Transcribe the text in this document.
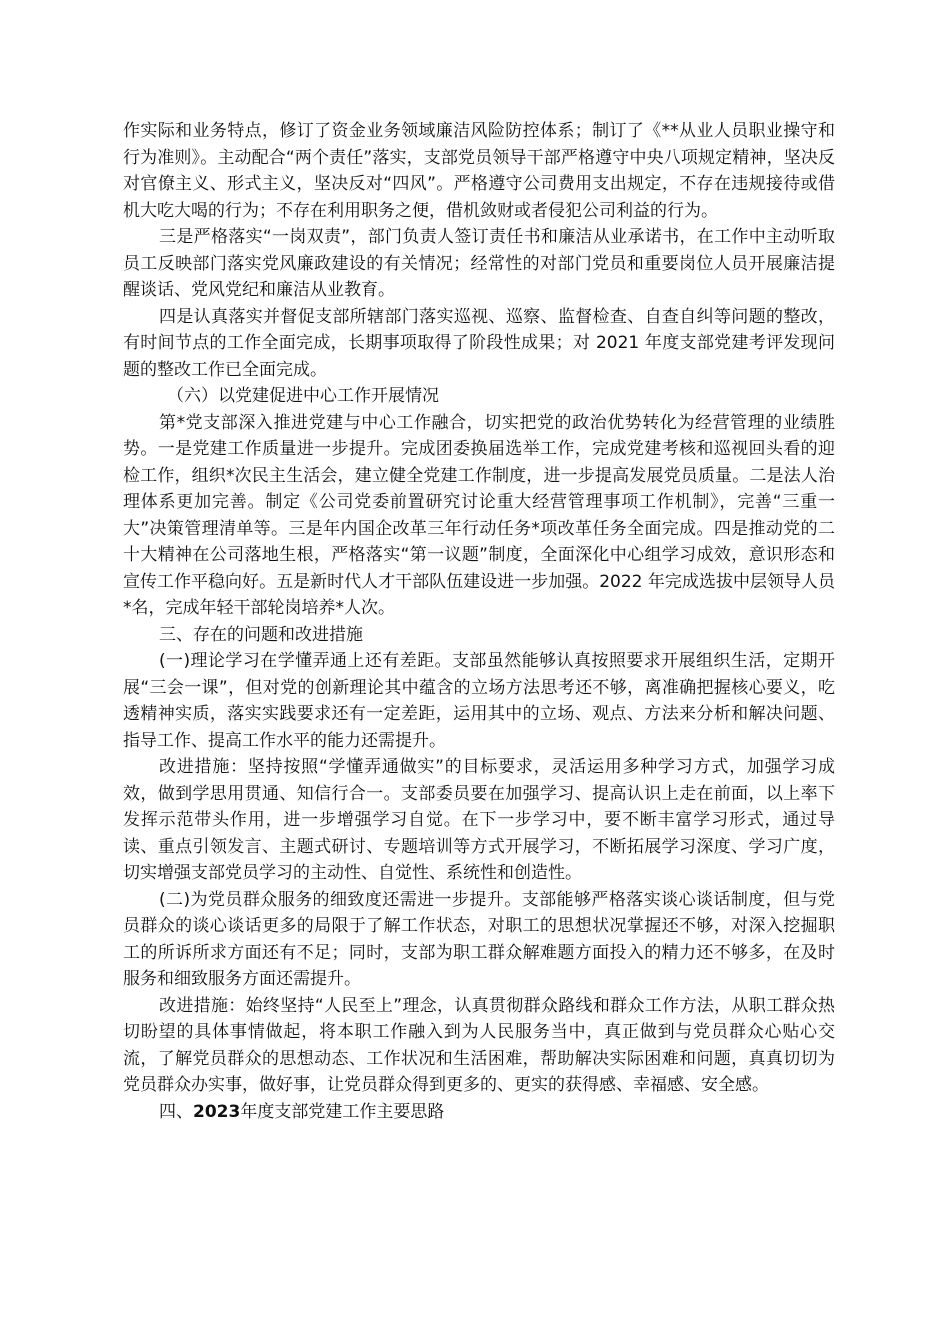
作实际和业务特点，修订了资金业务领域廉洁风险防控体系；制订了《**从业人员职业操守和行为准则》。主动配合“两个责任”落实，支部党员领导干部严格遵守中央八项规定精神，坚决反对官僚主义、形式主义，坚决反对“四风”。严格遵守公司费用支出规定，不存在违规接待或借机大吃大喝的行为；不存在利用职务之便，借机敛财或者侵犯公司利益的行为。

三是严格落实“一岗双责”，部门负责人签订责任书和廉洁从业承诺书，在工作中主动听取员工反映部门落实党风廉政建设的有关情况；经常性的对部门党员和重要岗位人员开展廉洁提醒谈话、党风党纪和廉洁从业教育。

四是认真落实并督促支部所辖部门落实巡视、巡察、监督检查、自查自纠等问题的整改，有时间节点的工作全面完成，长期事项取得了阶段性成果；对 2021 年度支部党建考评发现问题的整改工作已全面完成。

（六）以党建促进中心工作开展情况

第*党支部深入推进党建与中心工作融合，切实把党的政治优势转化为经营管理的业绩胜势。一是党建工作质量进一步提升。完成团委换届选举工作，完成党建考核和巡视回头看的迎检工作，组织*次民主生活会，建立健全党建工作制度，进一步提高发展党员质量。二是法人治理体系更加完善。制定《公司党委前置研究讨论重大经营管理事项工作机制》，完善“三重一大”决策管理清单等。三是年内国企改革三年行动任务*项改革任务全面完成。四是推动党的二十大精神在公司落地生根，严格落实“第一议题”制度，全面深化中心组学习成效，意识形态和宣传工作平稳向好。五是新时代人才干部队伍建设进一步加强。2022 年完成选拔中层领导人员*名，完成年轻干部轮岗培养*人次。

三、存在的问题和改进措施

(一)理论学习在学懂弄通上还有差距。支部虽然能够认真按照要求开展组织生活，定期开展“三会一课”，但对党的创新理论其中蕴含的立场方法思考还不够，离准确把握核心要义，吃透精神实质，落实实践要求还有一定差距，运用其中的立场、观点、方法来分析和解决问题、指导工作、提高工作水平的能力还需提升。

改进措施：坚持按照“学懂弄通做实”的目标要求，灵活运用多种学习方式，加强学习成效，做到学思用贯通、知信行合一。支部委员要在加强学习、提高认识上走在前面，以上率下发挥示范带头作用，进一步增强学习自觉。在下一步学习中，要不断丰富学习形式，通过导读、重点引领发言、主题式研讨、专题培训等方式开展学习，不断拓展学习深度、学习广度，切实增强支部党员学习的主动性、自觉性、系统性和创造性。

(二)为党员群众服务的细致度还需进一步提升。支部能够严格落实谈心谈话制度，但与党员群众的谈心谈话更多的局限于了解工作状态，对职工的思想状况掌握还不够，对深入挖掘职工的所诉所求方面还有不足；同时，支部为职工群众解难题方面投入的精力还不够多，在及时服务和细致服务方面还需提升。

改进措施：始终坚持“人民至上”理念，认真贯彻群众路线和群众工作方法，从职工群众热切盼望的具体事情做起，将本职工作融入到为人民服务当中，真正做到与党员群众心贴心交流，了解党员群众的思想动态、工作状况和生活困难，帮助解决实际困难和问题，真真切切为党员群众办实事，做好事，让党员群众得到更多的、更实的获得感、幸福感、安全感。

四、2023年度支部党建工作主要思路
